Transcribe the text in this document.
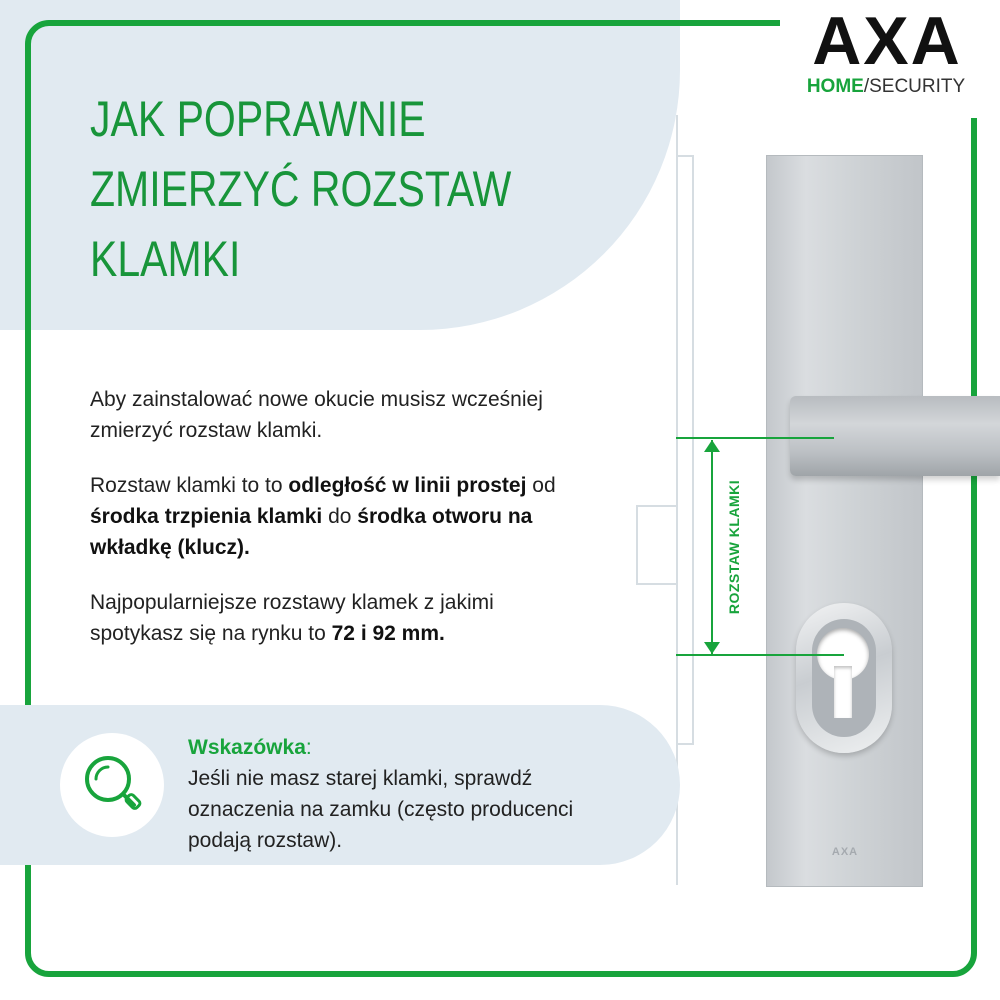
AXA
HOME/SECURITY
JAK POPRAWNIE
ZMIERZYĆ ROZSTAW
KLAMKI

Aby zainstalować nowe okucie musisz wcześniej zmierzyć rozstaw klamki.

Rozstaw klamki to to odległość w linii prostej od środka trzpienia klamki do środka otworu na wkładkę (klucz).

Najpopularniejsze rozstawy klamek z jakimi spotykasz się na rynku to 72 i 92 mm.

Wskazówka:
Jeśli nie masz starej klamki, sprawdź oznaczenia na zamku (często producenci podają rozstaw).	AXA
ROZSTAW KLAMKI
